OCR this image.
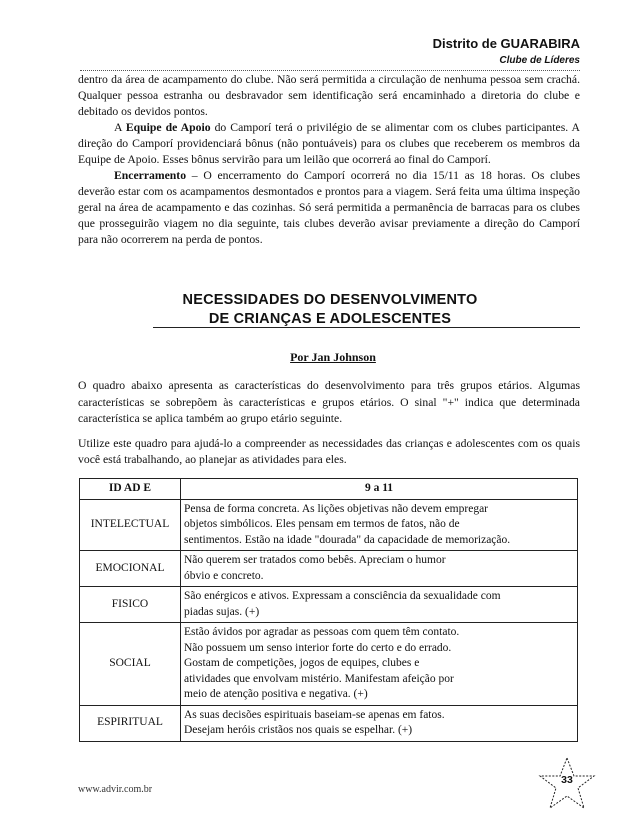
Distrito de GUARABIRA
Clube de Líderes

dentro da área de acampamento do clube. Não será permitida a circulação de nenhuma pessoa sem crachá. Qualquer pessoa estranha ou desbravador sem identificação será encaminhado a diretoria do clube e debitado os devidos pontos.

A Equipe de Apoio do Camporí terá o privilégio de se alimentar com os clubes participantes. A direção do Camporí providenciará bônus (não pontuáveis) para os clubes que receberem os membros da Equipe de Apoio. Esses bônus servirão para um leilão que ocorrerá ao final do Camporí.

Encerramento – O encerramento do Camporí ocorrerá no dia 15/11 as 18 horas. Os clubes deverão estar com os acampamentos desmontados e prontos para a viagem. Será feita uma última inspeção geral na área de acampamento e das cozinhas. Só será permitida a permanência de barracas para os clubes que prosseguirão viagem no dia seguinte, tais clubes deverão avisar previamente a direção do Camporí para não ocorrerem na perda de pontos.

NECESSIDADES DO DESENVOLVIMENTO
DE CRIANÇAS E ADOLESCENTES
Por Jan Johnson

O quadro abaixo apresenta as características do desenvolvimento para três grupos etários. Algumas características se sobrepõem às características e grupos etários. O sinal "+" indica que determinada característica se aplica também ao grupo etário seguinte.

Utilize este quadro para ajudá-lo a compreender as necessidades das crianças e adolescentes com os quais você está trabalhando, ao planejar as atividades para eles.

ID AD E	9 a 11
INTELECTUAL	Pensa de forma concreta. As lições objetivas não devem empregar
objetos simbólicos. Eles pensam em termos de fatos, não de
sentimentos. Estão na idade "dourada" da capacidade de memorização.

EMOCIONAL	Não querem ser tratados como bebês. Apreciam o humor
óbvio e concreto.

FISICO	São enérgicos e ativos. Expressam a consciência da sexualidade com
piadas sujas. (+)

SOCIAL	Estão ávidos por agradar as pessoas com quem têm contato.
Não possuem um senso interior forte do certo e do errado.
Gostam de competições, jogos de equipes, clubes e
atividades que envolvam mistério. Manifestam afeição por
meio de atenção positiva e negativa. (+)

ESPIRITUAL	As suas decisões espirituais baseiam-se apenas em fatos.
Desejam heróis cristãos nos quais se espelhar. (+)
www.advir.com.br
33
